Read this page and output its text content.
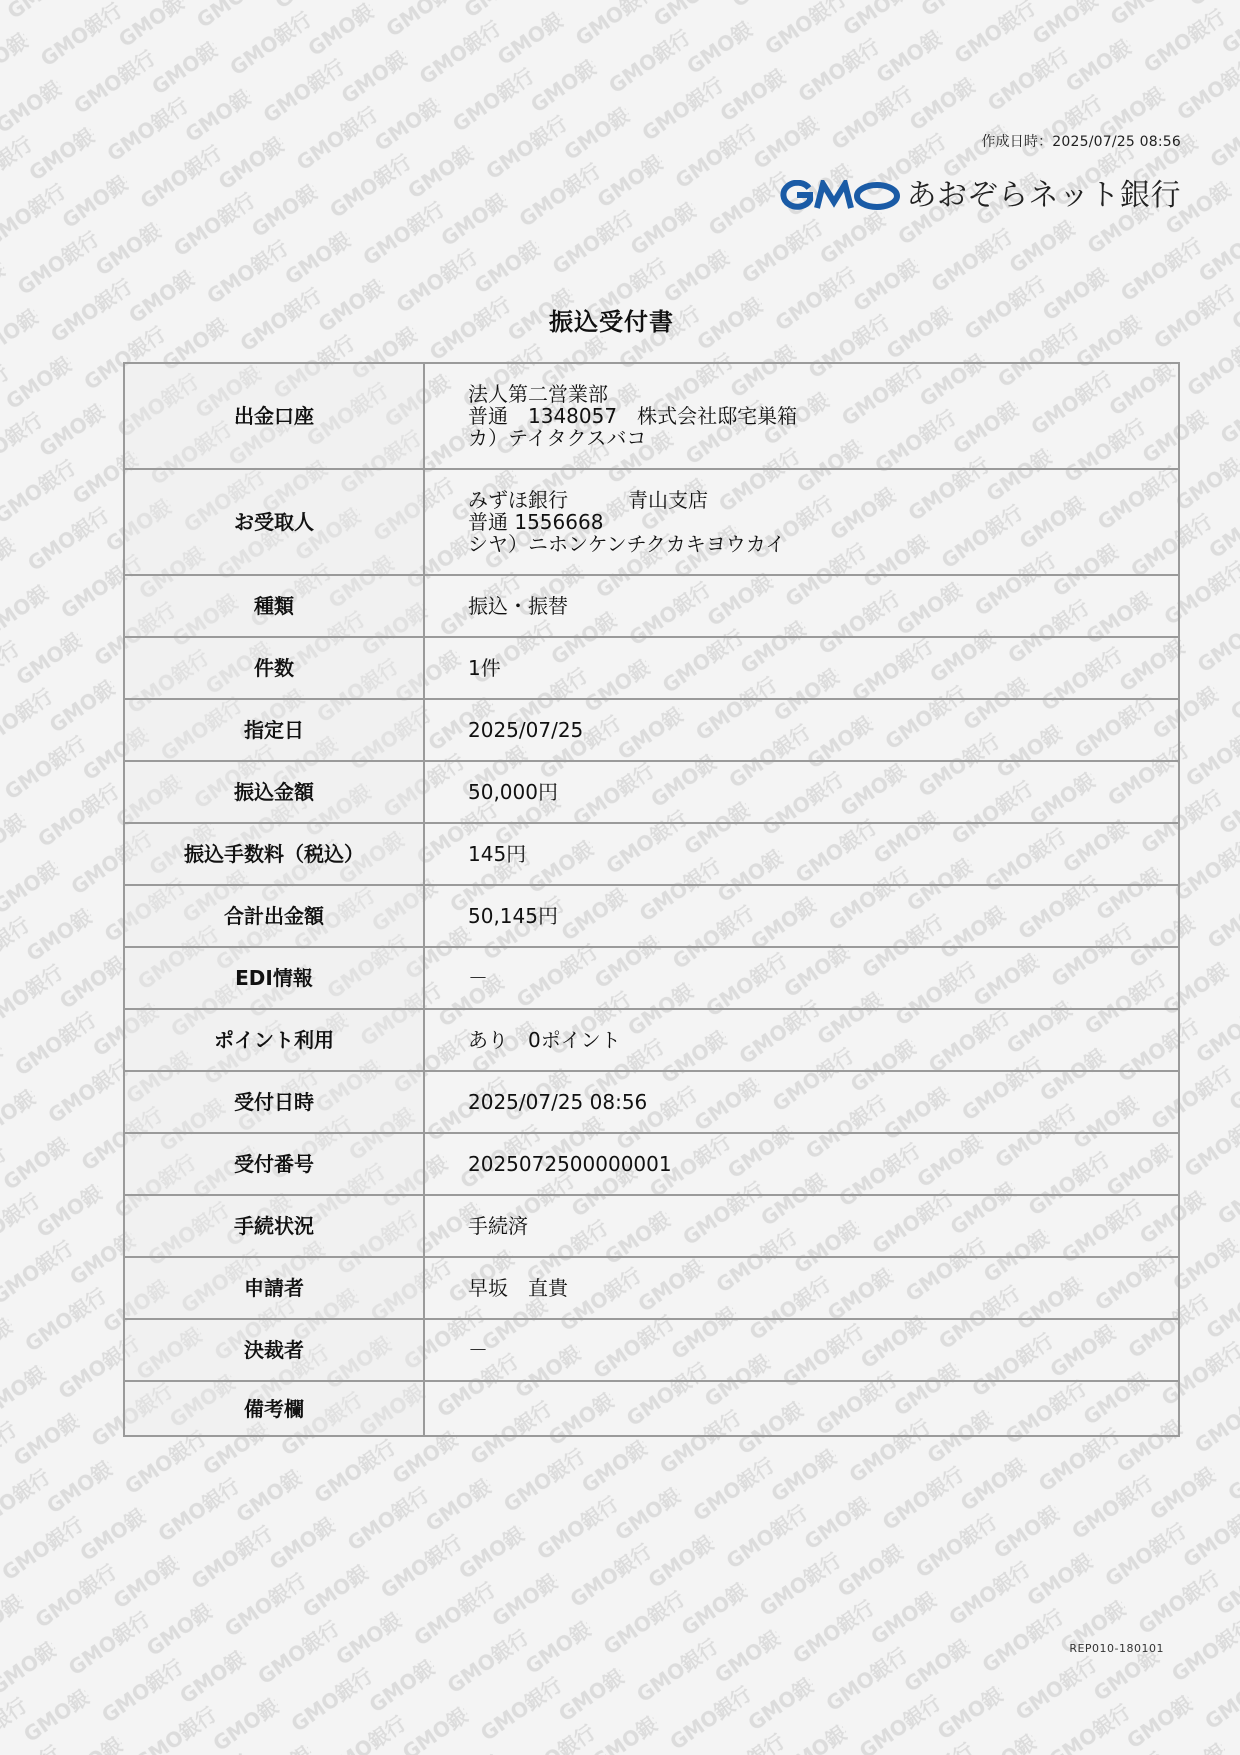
作成日時：2025/07/25 08:56
あおぞらネット銀行
振込受付書
出金口座	法人第二営業部
普通　1348057　株式会社邸宅巣箱
カ）テイタクスバコ
お受取人	みずほ銀行　　　青山支店
普通 1556668
シヤ）ニホンケンチクカキヨウカイ
種類	振込・振替
件数	1件
指定日	2025/07/25
振込金額	50,000円
振込手数料（税込）	145円
合計出金額	50,145円
EDI情報	－
ポイント利用	あり　0ポイント
受付日時	2025/07/25 08:56
受付番号	2025072500000001
手続状況	手続済
申請者	早坂　直貴
決裁者	－
備考欄	
REP010-180101
